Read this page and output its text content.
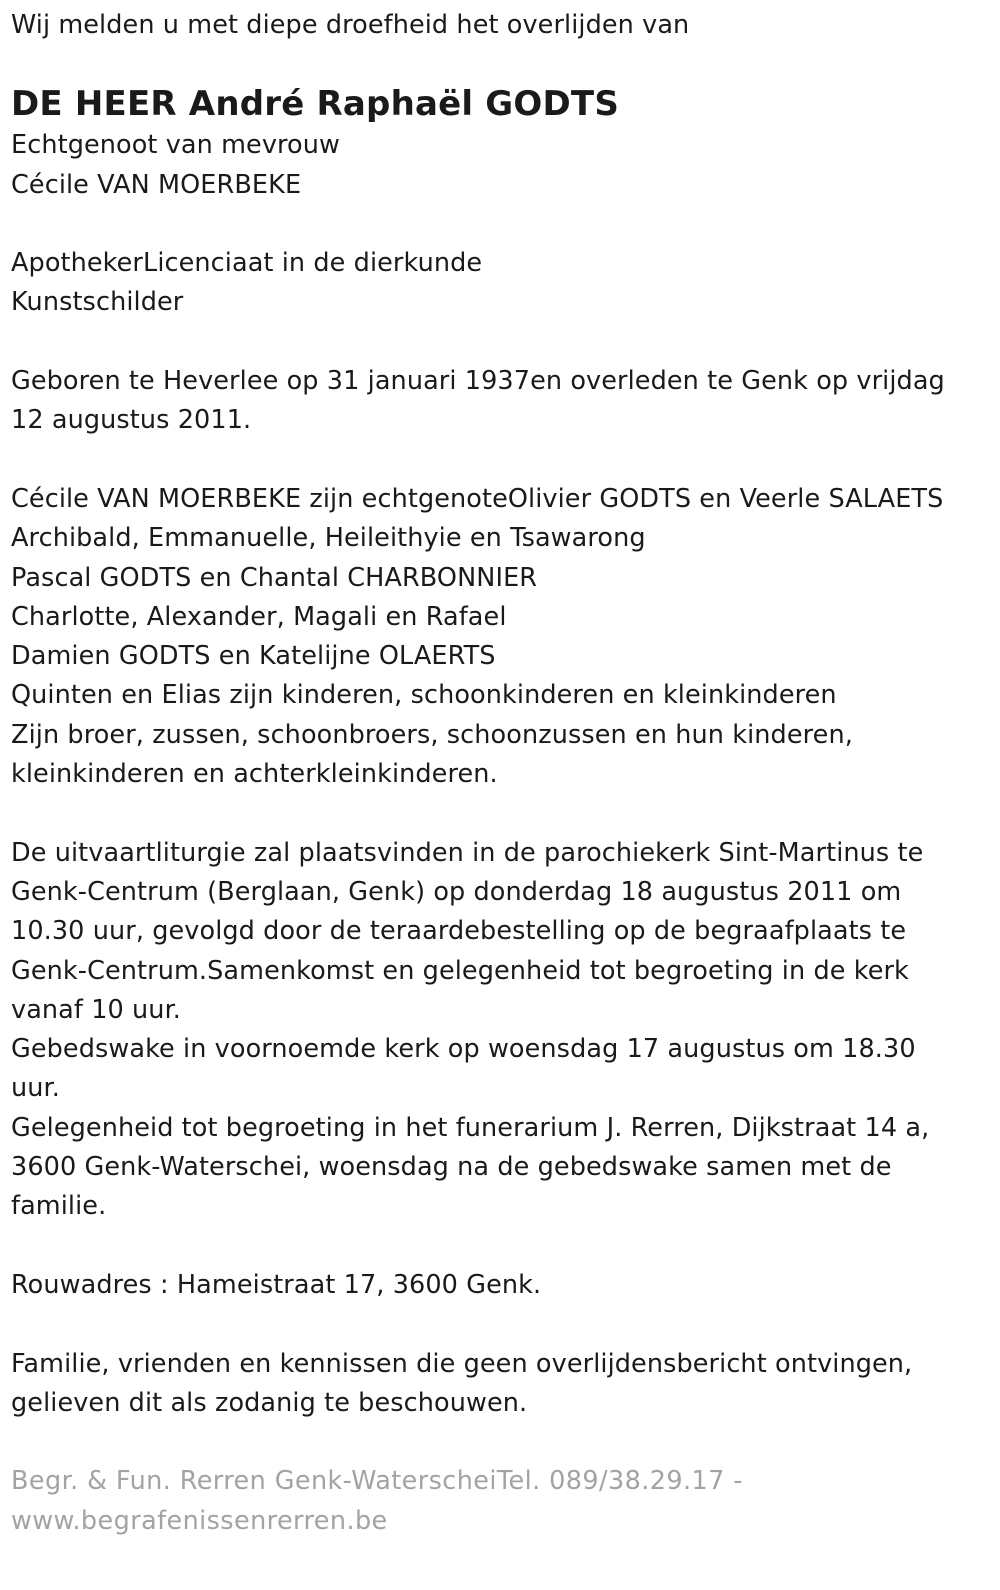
Wij melden u met diepe droefheid het overlijden van
DE HEER André Raphaël GODTS
Echtgenoot van mevrouw
Cécile VAN MOERBEKE
ApothekerLicenciaat in de dierkunde
Kunstschilder
Geboren te Heverlee op 31 januari 1937en overleden te Genk op vrijdag
12 augustus 2011.
Cécile VAN MOERBEKE zijn echtgenoteOlivier GODTS en Veerle SALAETS
Archibald, Emmanuelle, Heileithyie en Tsawarong
Pascal GODTS en Chantal CHARBONNIER
Charlotte, Alexander, Magali en Rafael
Damien GODTS en Katelijne OLAERTS
Quinten en Elias zijn kinderen, schoonkinderen en kleinkinderen
Zijn broer, zussen, schoonbroers, schoonzussen en hun kinderen,
kleinkinderen en achterkleinkinderen.
De uitvaartliturgie zal plaatsvinden in de parochiekerk Sint-Martinus te
Genk-Centrum (Berglaan, Genk) op donderdag 18 augustus 2011 om
10.30 uur, gevolgd door de teraardebestelling op de begraafplaats te
Genk-Centrum.Samenkomst en gelegenheid tot begroeting in de kerk
vanaf 10 uur.
Gebedswake in voornoemde kerk op woensdag 17 augustus om 18.30
uur.
Gelegenheid tot begroeting in het funerarium J. Rerren, Dijkstraat 14 a,
3600 Genk-Waterschei, woensdag na de gebedswake samen met de
familie.
Rouwadres : Hameistraat 17, 3600 Genk.
Familie, vrienden en kennissen die geen overlijdensbericht ontvingen,
gelieven dit als zodanig te beschouwen.
Begr. & Fun. Rerren Genk-WaterscheiTel. 089/38.29.17 -
www.begrafenissenrerren.be
